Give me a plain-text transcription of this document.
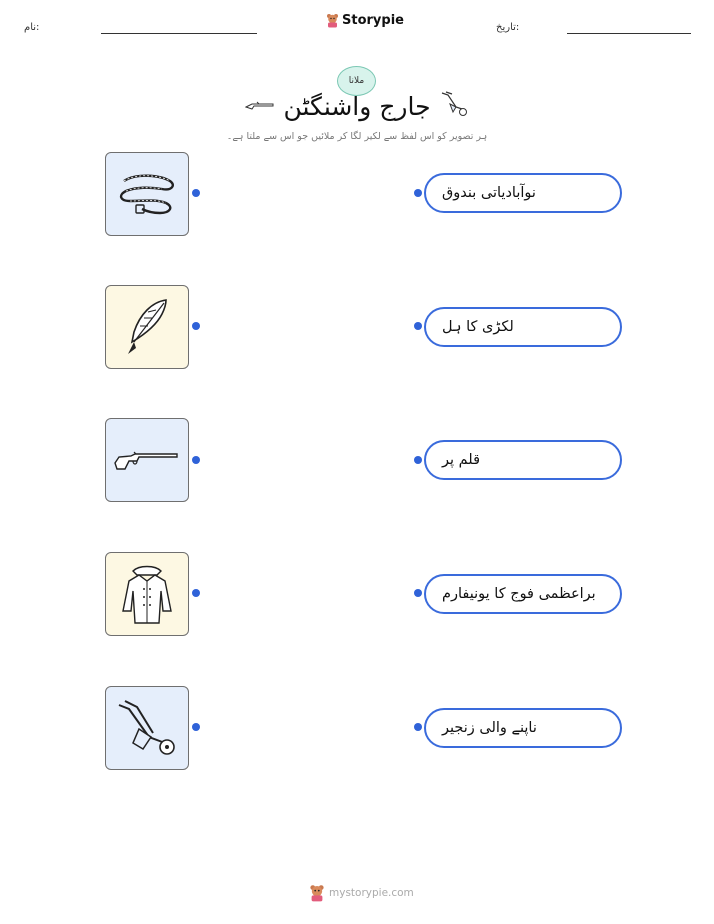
نام:	Storypie	تاریخ:
ملانا
جارج واشنگٹن
ہر تصویر کو اس لفظ سے لکیر لگا کر ملائیں جو اس سے ملتا ہے۔
نوآبادیاتی بندوق
لکڑی کا ہل
قلم پر
براعظمی فوج کا یونیفارم
ناپنے والی زنجیر
mystorypie.com
